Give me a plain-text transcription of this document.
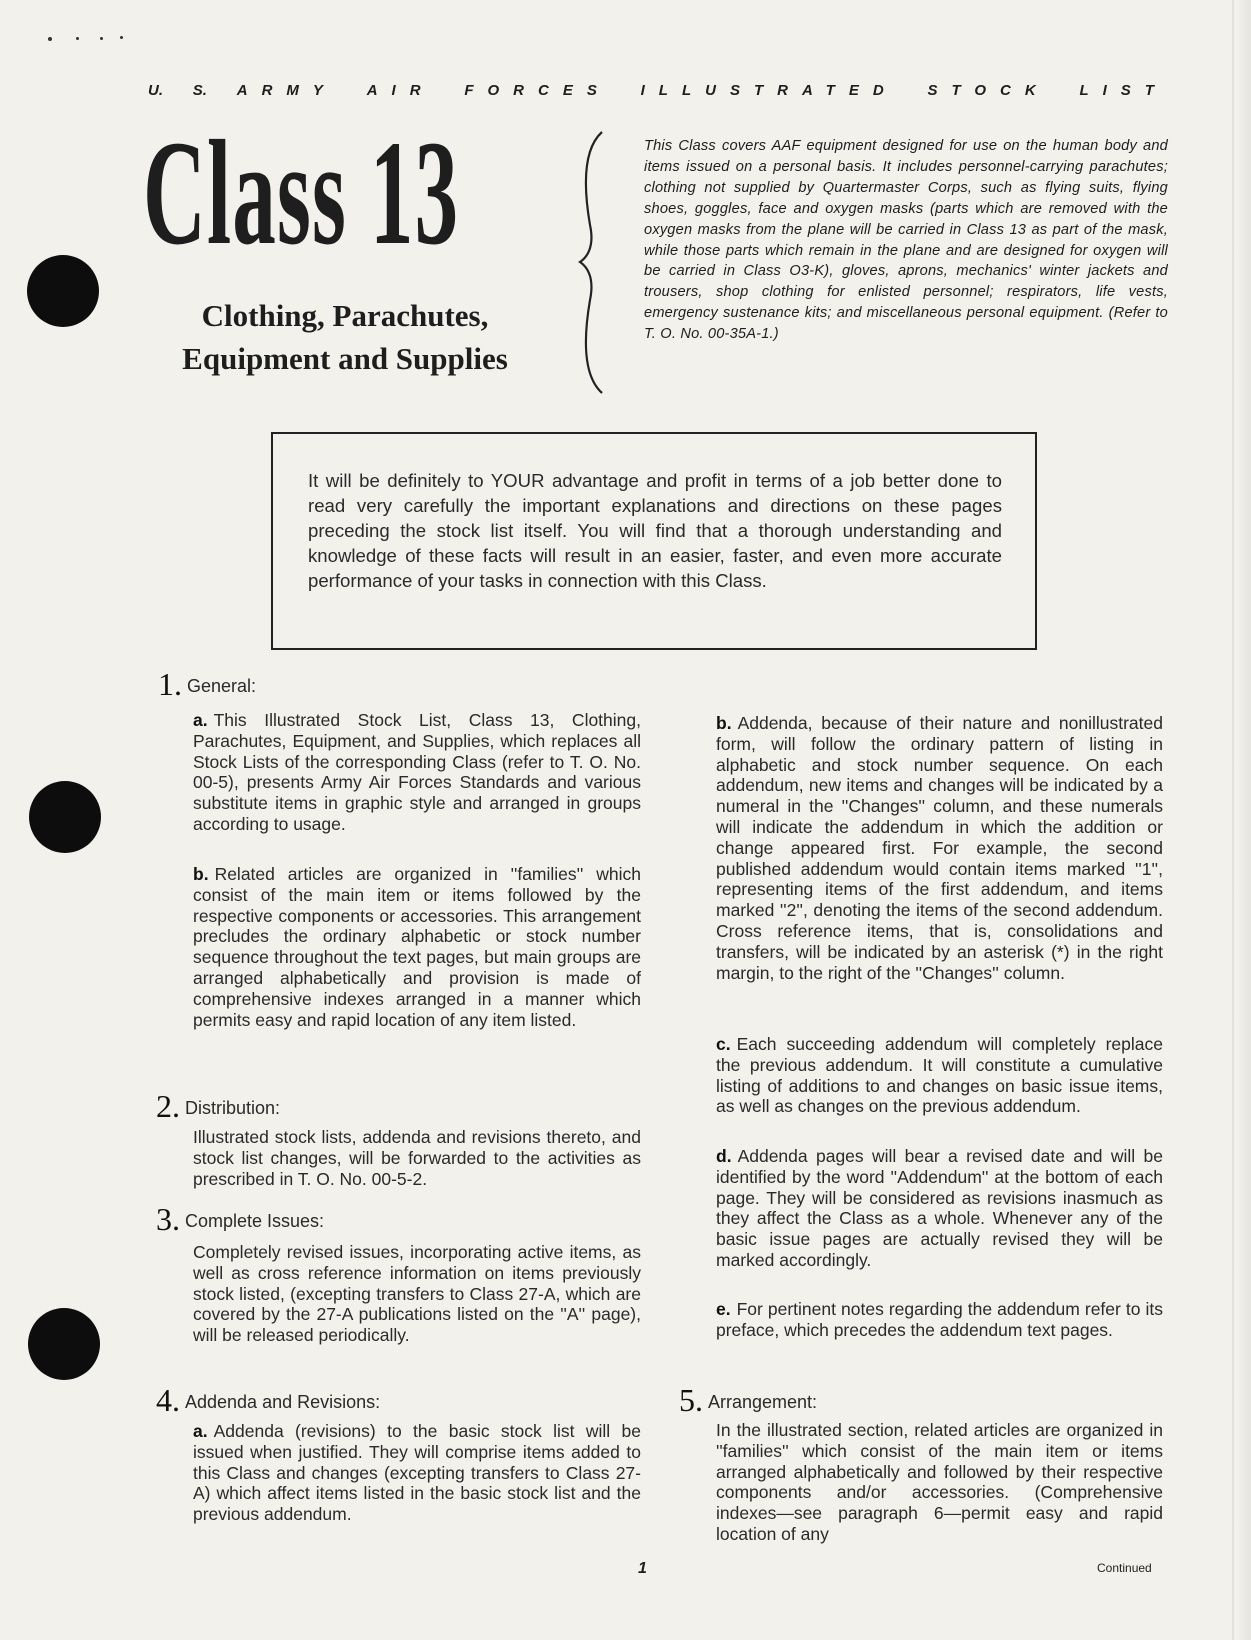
U. S. ARMY AIR FORCES ILLUSTRATED STOCK LIST
Class 13
Clothing, Parachutes,
Equipment and Supplies
This Class covers AAF equipment designed for use on the human body and items issued on a personal basis. It includes personnel-carrying parachutes; clothing not supplied by Quartermaster Corps, such as flying suits, flying shoes, goggles, face and oxygen masks (parts which are removed with the oxygen masks from the plane will be carried in Class 13 as part of the mask, while those parts which remain in the plane and are designed for oxygen will be carried in Class O3-K), gloves, aprons, mechanics' winter jackets and trousers, shop clothing for enlisted personnel; respirators, life vests, emergency sustenance kits; and miscellaneous personal equipment. (Refer to T. O. No. 00-35A-1.)

It will be definitely to YOUR advantage and profit in terms of a job better done to read very carefully the important explanations and directions on these pages preceding the stock list itself. You will find that a thorough understanding and knowledge of these facts will result in an easier, faster, and even more accurate performance of your tasks in connection with this Class.

1. General:

a. This Illustrated Stock List, Class 13, Clothing, Parachutes, Equipment, and Supplies, which replaces all Stock Lists of the corresponding Class (refer to T. O. No. 00-5), presents Army Air Forces Standards and various substitute items in graphic style and arranged in groups according to usage.

b. Related articles are organized in ''families'' which consist of the main item or items followed by the respective components or accessories. This arrangement precludes the ordinary alphabetic or stock number sequence throughout the text pages, but main groups are arranged alphabetically and provision is made of comprehensive indexes arranged in a manner which permits easy and rapid location of any item listed.

2. Distribution:

Illustrated stock lists, addenda and revisions thereto, and stock list changes, will be forwarded to the activities as prescribed in T. O. No. 00-5-2.

3. Complete Issues:

Completely revised issues, incorporating active items, as well as cross reference information on items previously stock listed, (excepting transfers to Class 27-A, which are covered by the 27-A publications listed on the ''A'' page), will be released periodically.

4. Addenda and Revisions:

a. Addenda (revisions) to the basic stock list will be issued when justified. They will comprise items added to this Class and changes (excepting transfers to Class 27-A) which affect items listed in the basic stock list and the previous addendum.

b. Addenda, because of their nature and nonillustrated form, will follow the ordinary pattern of listing in alphabetic and stock number sequence. On each addendum, new items and changes will be indicated by a numeral in the ''Changes'' column, and these numerals will indicate the addendum in which the addition or change appeared first. For example, the second published addendum would contain items marked ''1'', representing items of the first addendum, and items marked ''2'', denoting the items of the second addendum. Cross reference items, that is, consolidations and transfers, will be indicated by an asterisk (*) in the right margin, to the right of the ''Changes'' column.

c. Each succeeding addendum will completely replace the previous addendum. It will constitute a cumulative listing of additions to and changes on basic issue items, as well as changes on the previous addendum.

d. Addenda pages will bear a revised date and will be identified by the word ''Addendum'' at the bottom of each page. They will be considered as revisions inasmuch as they affect the Class as a whole. Whenever any of the basic issue pages are actually revised they will be marked accordingly.

e. For pertinent notes regarding the addendum refer to its preface, which precedes the addendum text pages.

5. Arrangement:

In the illustrated section, related articles are organized in ''families'' which consist of the main item or items arranged alphabetically and followed by their respective components and/or accessories. (Comprehensive indexes—see paragraph 6—permit easy and rapid location of any

1	Continued
